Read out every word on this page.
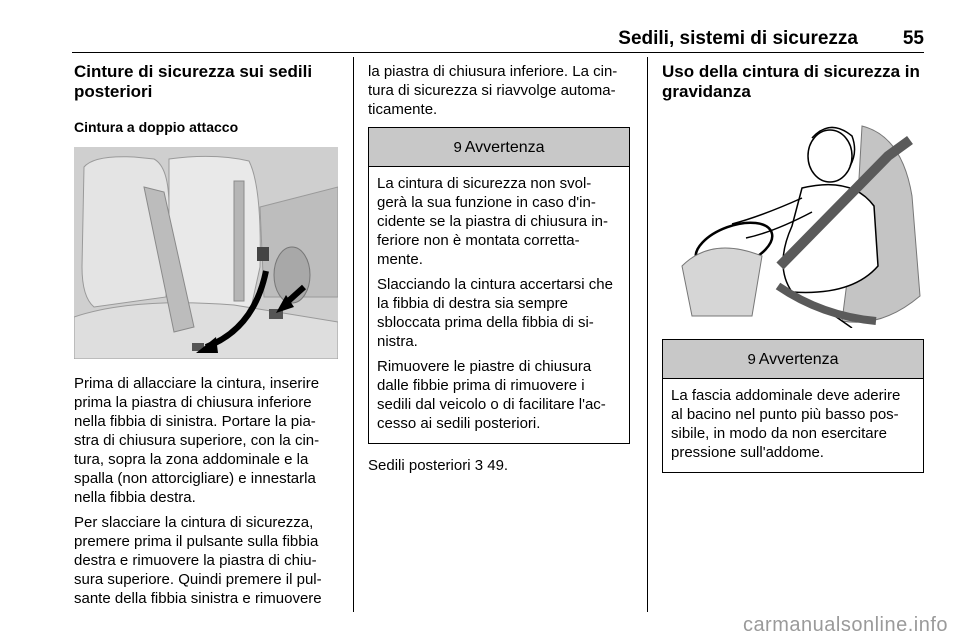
Sedili, sistemi di sicurezza 55
Cinture di sicurezza sui sedili posteriori
Cintura a doppio attacco

Prima di allacciare la cintura, inserire prima la piastra di chiusura inferiore nella fibbia di sinistra. Portare la pia-stra di chiusura superiore, con la cin-tura, sopra la zona addominale e la spalla (non attorcigliare) e innestarla nella fibbia destra.

Per slacciare la cintura di sicurezza, premere prima il pulsante sulla fibbia destra e rimuovere la piastra di chiu-sura superiore. Quindi premere il pul-sante della fibbia sinistra e rimuovere

la piastra di chiusura inferiore. La cin-tura di sicurezza si riavvolge automa-ticamente.

9 Avvertenza

La cintura di sicurezza non svol-gerà la sua funzione in caso d'in-cidente se la piastra di chiusura in-feriore non è montata corretta-mente.

Slacciando la cintura accertarsi che la fibbia di destra sia sempre sbloccata prima della fibbia di si-nistra.

Rimuovere le piastre di chiusura dalle fibbie prima di rimuovere i sedili dal veicolo o di facilitare l'ac-cesso ai sedili posteriori.

Sedili posteriori 3 49.

Uso della cintura di sicurezza in gravidanza
9 Avvertenza

La fascia addominale deve aderire al bacino nel punto più basso pos-sibile, in modo da non esercitare pressione sull'addome.

carmanualsonline.info
